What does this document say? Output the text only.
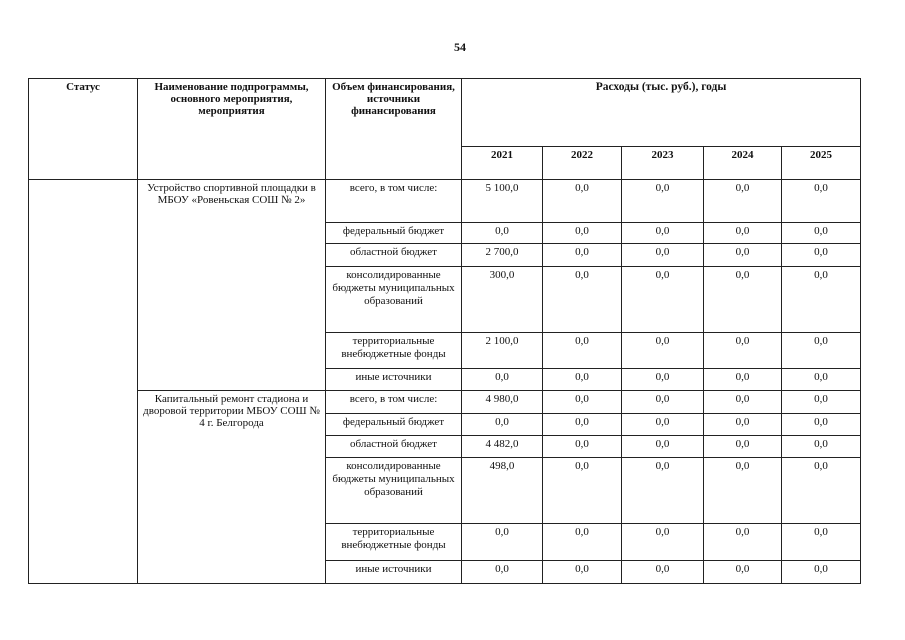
54
Статус	Наименование подпрограммы, основного мероприятия, мероприятия	Объем финансирования, источники финансирования	Расходы (тыс. руб.), годы				
			2021	2022	2023	2024	2025
	Устройство спортивной площадки в МБОУ «Ровеньская СОШ № 2»	всего, в том числе:	5 100,0	0,0	0,0	0,0	0,0
		федеральный бюджет	0,0	0,0	0,0	0,0	0,0
		областной бюджет	2 700,0	0,0	0,0	0,0	0,0
		консолидированные бюджеты муниципальных образований	300,0	0,0	0,0	0,0	0,0
		территориальные внебюджетные фонды	2 100,0	0,0	0,0	0,0	0,0
		иные источники	0,0	0,0	0,0	0,0	0,0
	Капитальный ремонт стадиона и дворовой территории МБОУ СОШ № 4 г. Белгорода	всего, в том числе:	4 980,0	0,0	0,0	0,0	0,0
		федеральный бюджет	0,0	0,0	0,0	0,0	0,0
		областной бюджет	4 482,0	0,0	0,0	0,0	0,0
		консолидированные бюджеты муниципальных образований	498,0	0,0	0,0	0,0	0,0
		территориальные внебюджетные фонды	0,0	0,0	0,0	0,0	0,0
		иные источники	0,0	0,0	0,0	0,0	0,0
